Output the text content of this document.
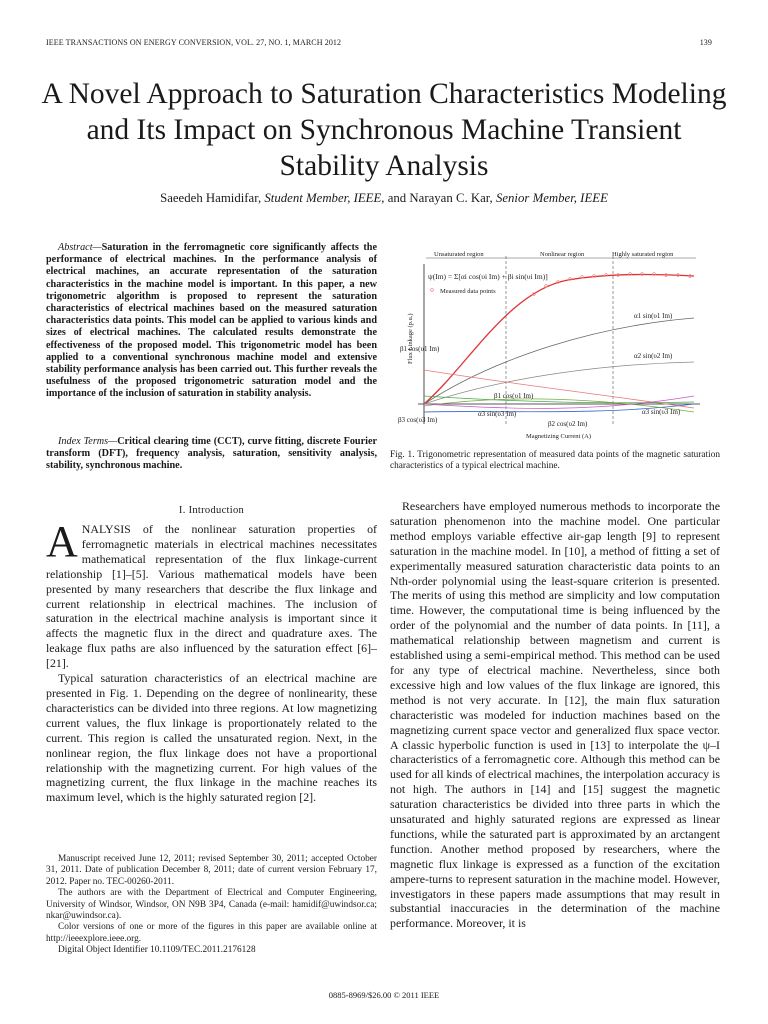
IEEE TRANSACTIONS ON ENERGY CONVERSION, VOL. 27, NO. 1, MARCH 2012	139
A Novel Approach to Saturation Characteristics Modeling and Its Impact on Synchronous Machine Transient Stability Analysis
Saeedeh Hamidifar, Student Member, IEEE, and Narayan C. Kar, Senior Member, IEEE
Abstract—Saturation in the ferromagnetic core significantly affects the performance of electrical machines. In the performance analysis of electrical machines, an accurate representation of the saturation characteristics in the machine model is important. In this paper, a new trigonometric algorithm is proposed to represent the saturation characteristics of electrical machines based on the measured saturation characteristics data points. This model can be applied to various kinds and sizes of electrical machines. The calculated results demonstrate the effectiveness of the proposed model. This trigonometric model has been applied to a conventional synchronous machine model and extensive stability performance analysis has been carried out. This further reveals the usefulness of the proposed trigonometric saturation model and the importance of the inclusion of saturation in stability analysis.
Index Terms—Critical clearing time (CCT), curve fitting, discrete Fourier transform (DFT), frequency analysis, saturation, sensitivity analysis, stability, synchronous machine.
I. Introduction

ANALYSIS of the nonlinear saturation properties of ferromagnetic materials in electrical machines necessitates mathematical representation of the flux linkage-current relationship [1]–[5]. Various mathematical models have been presented by many researchers that describe the flux linkage and current relationship in electrical machines. The inclusion of saturation in the electrical machine analysis is important since it affects the magnetic flux in the direct and quadrature axes. The leakage flux paths are also influenced by the saturation effect [6]–[21].

Typical saturation characteristics of an electrical machine are presented in Fig. 1. Depending on the degree of nonlinearity, these characteristics can be divided into three regions. At low magnetizing current values, the flux linkage is proportionately related to the current. This region is called the unsaturated region. Next, in the nonlinear region, the flux linkage does not have a proportional relationship with the magnetizing current. For high values of the magnetizing current, the flux linkage in the machine reaches its maximum level, which is the highly saturated region [2].

Manuscript received June 12, 2011; revised September 30, 2011; accepted October 31, 2011. Date of publication December 8, 2011; date of current version February 17, 2012. Paper no. TEC-00260-2011.

The authors are with the Department of Electrical and Computer Engineering, University of Windsor, Windsor, ON N9B 3P4, Canada (e-mail: hamidif@uwindsor.ca; nkar@uwindsor.ca).

Color versions of one or more of the figures in this paper are available online at http://ieeexplore.ieee.org.

Digital Object Identifier 10.1109/TEC.2011.2176128

Unsaturated region	Nonlinear region	Highly saturated region
ψ(Im) = Σ[αi cos(υi Im) + βi sin(υi Im)]
Measured data points
Flux Linkage (p.u.)
Magnetizing Current (A)
α1 sin(υ1 Im)
α2 sin(υ2 Im)
β1 cos(υ1 Im)
β1 cos(υ1 Im)
β3 cos(υ3 Im)
α3 sin(υ3 Im)
β2 cos(υ2 Im)
α3 sin(υ3 Im)
Fig. 1. Trigonometric representation of measured data points of the magnetic saturation characteristics of a typical electrical machine.

Researchers have employed numerous methods to incorporate the saturation phenomenon into the machine model. One particular method employs variable effective air-gap length [9] to represent saturation in the machine model. In [10], a method of fitting a set of experimentally measured saturation characteristic data points to an Nth-order polynomial using the least-square criterion is presented. The merits of using this method are simplicity and low computation time. However, the computational time is being influenced by the order of the polynomial and the number of data points. In [11], a mathematical relationship between magnetism and current is established using a semi-empirical method. This method can be used for any type of electrical machine. Nevertheless, since both excessive high and low values of the flux linkage are ignored, this method is not very accurate. In [12], the main flux saturation characteristic was modeled for induction machines based on the magnetizing current space vector and generalized flux space vector. A classic hyperbolic function is used in [13] to interpolate the ψ–I characteristics of a ferromagnetic core. Although this method can be used for all kinds of electrical machines, the interpolation accuracy is not high. The authors in [14] and [15] suggest the magnetic saturation characteristics be divided into three parts in which the unsaturated and highly saturated regions are expressed as linear functions, while the saturated part is approximated by an arctangent function. Another method proposed by researchers, where the magnetic flux linkage is expressed as a function of the excitation ampere-turns to represent saturation in the machine model. However, investigators in these papers made assumptions that may result in substantial inaccuracies in the determination of the machine performance. Moreover, it is

0885-8969/$26.00 © 2011 IEEE
